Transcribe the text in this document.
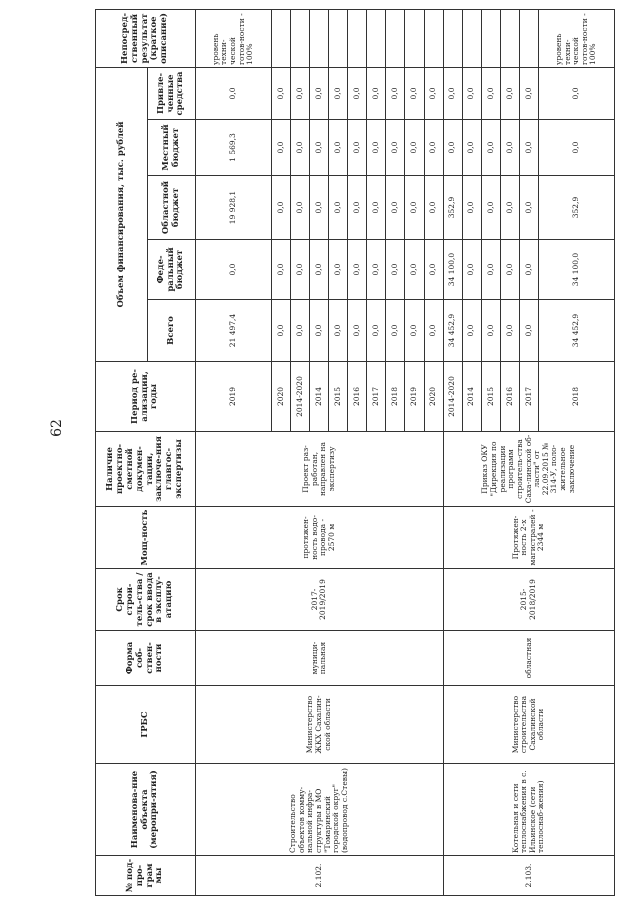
62
№ под-про-грам мы	Наименова-ние объекта (меропри-ятия)	ГРБС	Форма соб-ствен-ности	Срок строи-тель-ства / срок ввода в эксплу-атацию	Мощ-ность	Наличие проектно-сметной докумен-тации, заключе-ния главгос-экспертизы	Период ре-ализации, годы	Объем финансирования, тыс. рублей					Непосред-ственный результат (краткое описание)
								Всего	Феде-ральный бюджет	Областной бюджет	Местный бюджет	Привле-ченные средства	
2.102.	Строительство объектов комму-нальной инфра-структуры в МО "Томаринский городской округ" (водопровод с.Стевы)	Министерство ЖКХ Сахалин-ской области	муници-пальная	2017-2019/2019	протяжен-ность водо-провода - 2570 м	Проект раз-работан, направлен на экспертизу	2019	21 497,4	0,0	19 928,1	1 569,3	0,0	уровень техни-ческой готов-ности - 100%
							2020	0,0	0,0	0,0	0,0	0,0	
							2014-2020	0,0	0,0	0,0	0,0	0,0	
							2014	0,0	0,0	0,0	0,0	0,0	
							2015	0,0	0,0	0,0	0,0	0,0	
							2016	0,0	0,0	0,0	0,0	0,0	
							2017	0,0	0,0	0,0	0,0	0,0	
							2018	0,0	0,0	0,0	0,0	0,0	
							2019	0,0	0,0	0,0	0,0	0,0	
							2020	0,0	0,0	0,0	0,0	0,0	
2.103.	Котельная и сети теплоснабжения в с. Ильинское (сети теплоснаб-жения)	Министерство строительства Сахалинской области	областная	2015-2018/2019	Протяжен-ность 2-х магистралей - 2344 м	Приказ ОКУ "Дирекция по реализации программ строитель-ства Саха-линской об-ласти" от 22.09.2015 № 314-У, поло-жительное заключение	2014-2020	34 452,9	34 100,0	352,9	0,0	0,0	
							2014	0,0	0,0	0,0	0,0	0,0	
							2015	0,0	0,0	0,0	0,0	0,0	
							2016	0,0	0,0	0,0	0,0	0,0	
							2017	0,0	0,0	0,0	0,0	0,0	
							2018	34 452,9	34 100,0	352,9	0,0	0,0	уровень техни-ческой готов-ности - 100%
